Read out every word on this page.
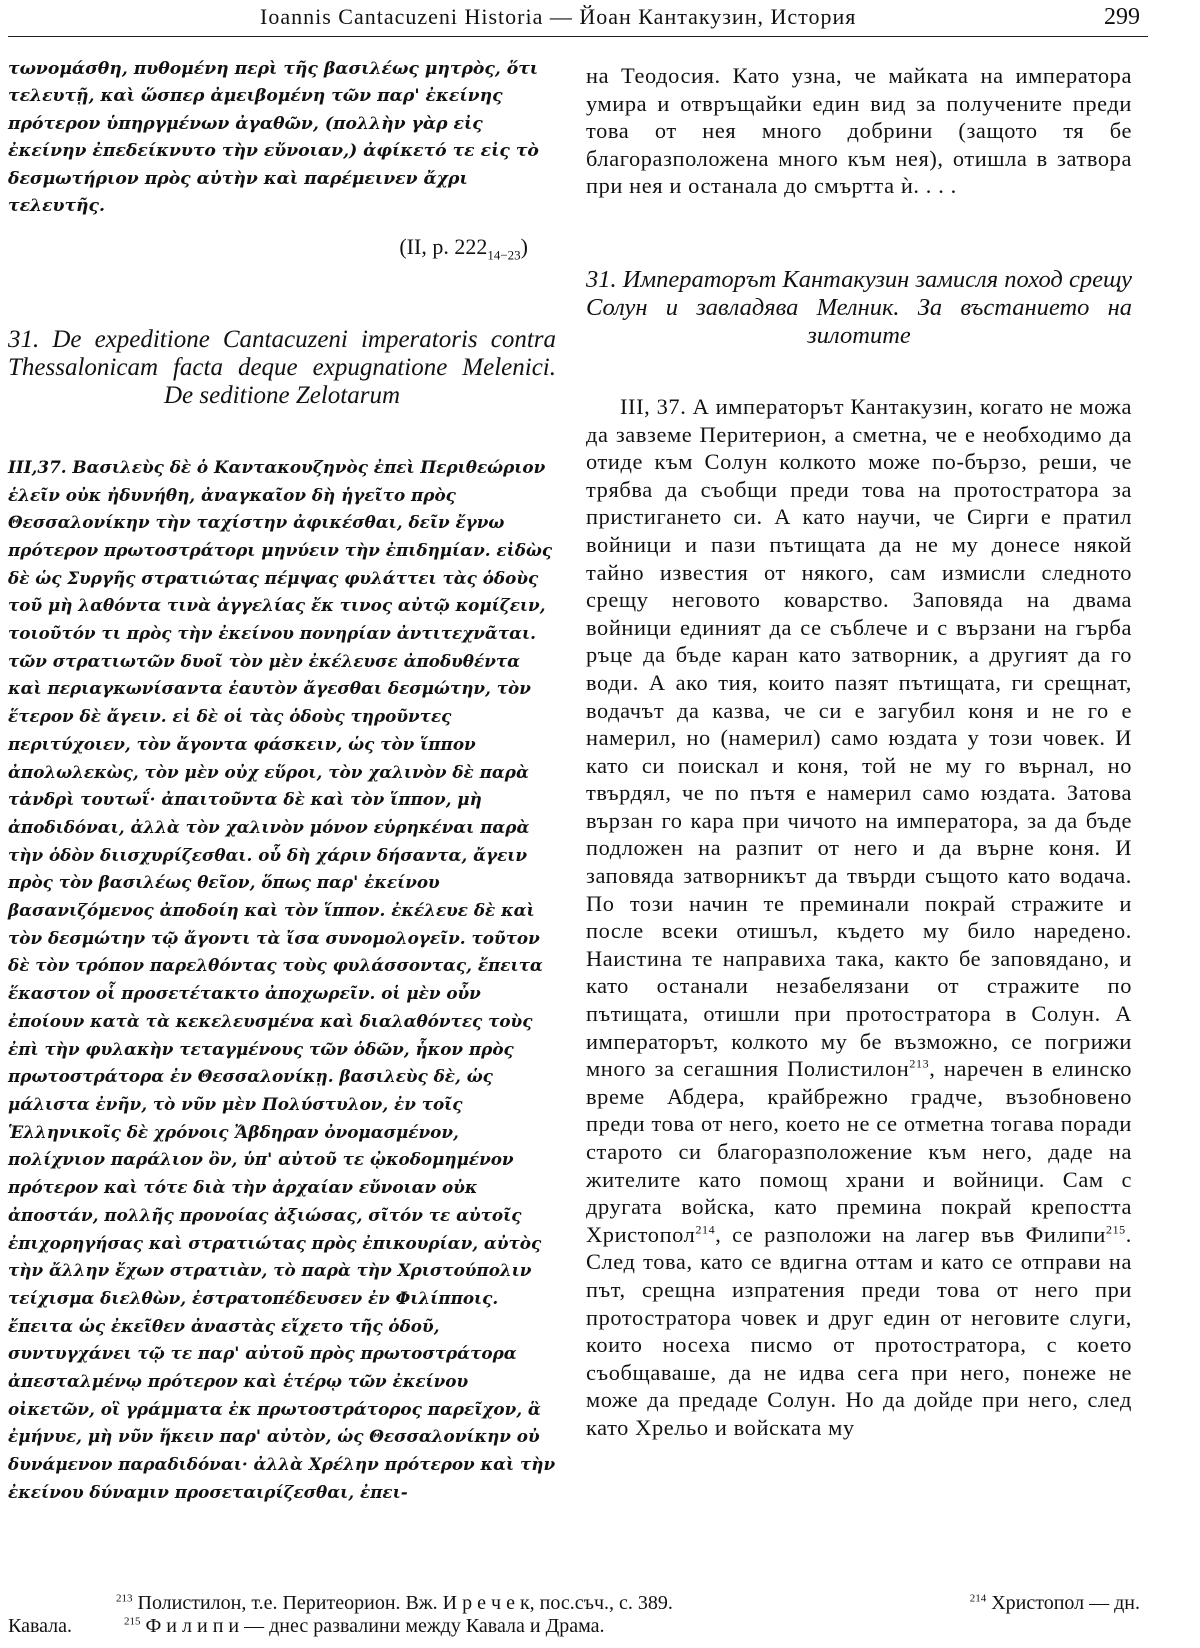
Ioannis Cantacuzeni Historia — Йоан Кантакузин, История	299

τωνομάσθη, πυθομένη περὶ τῆς βασιλέως μητρὸς, ὅτι τελευτῇ, καὶ ὥσπερ ἀμειβομένη τῶν παρ' ἐκείνης πρότερον ὑπηργμένων ἀγαθῶν, (πολλὴν γὰρ εἰς ἐκείνην ἐπεδείκνυτο τὴν εὔνοιαν,) ἀφίκετό τε εἰς τὸ δεσμωτήριον πρὸς αὐτὴν καὶ παρέμεινεν ἄχρι τελευτῆς.

(II, p. $222_{14-23}$)

31. De expeditione Cantacuzeni imperatoris contra Thessalonicam facta deque expugnatione Melenici. De seditione Zelotarum

III,37. Βασιλεὺς δὲ ὁ Καντακουζηνὸς ἐπεὶ Περιθεώριον ἑλεῖν οὐκ ἠδυνήθη, ἀναγκαῖον δὴ ἡγεῖτο πρὸς Θεσσαλονίκην τὴν ταχίστην ἀφικέσθαι, δεῖν ἔγνω πρότερον πρωτοστράτορι μηνύειν τὴν ἐπιδημίαν. εἰδὼς δὲ ὡς Συργῆς στρατιώτας πέμψας φυλάττει τὰς ὁδοὺς τοῦ μὴ λαθόντα τινὰ ἀγγελίας ἔκ τινος αὐτῷ κομίζειν, τοιοῦτόν τι πρὸς τὴν ἐκείνου πονηρίαν ἀντιτεχνᾶται. τῶν στρατιωτῶν δυοῖ τὸν μὲν ἐκέλευσε ἀποδυθέντα καὶ περιαγκωνίσαντα ἑαυτὸν ἄγεσθαι δεσμώτην, τὸν ἕτερον δὲ ἄγειν. εἰ δὲ οἱ τὰς ὁδοὺς τηροῦντες περιτύχοιεν, τὸν ἄγοντα φάσκειν, ὡς τὸν ἵππον ἀπολωλεκὼς, τὸν μὲν οὐχ εὕροι, τὸν χαλινὸν δὲ παρὰ τἀνδρὶ τουτωΐ· ἀπαιτοῦντα δὲ καὶ τὸν ἵππον, μὴ ἀποδιδόναι, ἀλλὰ τὸν χαλινὸν μόνον εὑρηκέναι παρὰ τὴν ὁδὸν διισχυρίζεσθαι. οὗ δὴ χάριν δήσαντα, ἄγειν πρὸς τὸν βασιλέως θεῖον, ὅπως παρ' ἐκείνου βασανιζόμενος ἀποδοίη καὶ τὸν ἵππον. ἐκέλευε δὲ καὶ τὸν δεσμώτην τῷ ἄγοντι τὰ ἴσα συνομολογεῖν. τοῦτον δὲ τὸν τρόπον παρελθόντας τοὺς φυλάσσοντας, ἔπειτα ἕκαστον οἷ προσετέτακτο ἀποχωρεῖν. οἱ μὲν οὖν ἐποίουν κατὰ τὰ κεκελευσμένα καὶ διαλαθόντες τοὺς ἐπὶ τὴν φυλακὴν τεταγμένους τῶν ὁδῶν, ἧκον πρὸς πρωτοστράτορα ἐν Θεσσαλονίκῃ. βασιλεὺς δὲ, ὡς μάλιστα ἐνῆν, τὸ νῦν μὲν Πολύστυλον, ἐν τοῖς Ἑλληνικοῖς δὲ χρόνοις Ἄβδηραν ὀνομασμένον, πολίχνιον παράλιον ὂν, ὑπ' αὐτοῦ τε ᾠκοδομημένον πρότερον καὶ τότε διὰ τὴν ἀρχαίαν εὔνοιαν οὐκ ἀποστάν, πολλῆς προνοίας ἀξιώσας, σῖτόν τε αὐτοῖς ἐπιχορηγήσας καὶ στρατιώτας πρὸς ἐπικουρίαν, αὐτὸς τὴν ἄλλην ἔχων στρατιὰν, τὸ παρὰ τὴν Χριστούπολιν τείχισμα διελθὼν, ἐστρατοπέδευσεν ἐν Φιλίπποις. ἔπειτα ὡς ἐκεῖθεν ἀναστὰς εἴχετο τῆς ὁδοῦ, συντυγχάνει τῷ τε παρ' αὐτοῦ πρὸς πρωτοστράτορα ἀπεσταλμένῳ πρότερον καὶ ἑτέρῳ τῶν ἐκείνου οἰκετῶν, οἳ γράμματα ἐκ πρωτοστράτορος παρεῖχον, ἃ ἐμήνυε, μὴ νῦν ἥκειν παρ' αὐτὸν, ὡς Θεσσαλονίκην οὐ δυνάμενον παραδιδόναι· ἀλλὰ Χρέλην πρότερον καὶ τὴν ἐκείνου δύναμιν προσεταιρίζεσθαι, ἐπει-

на Теодосия. Като узна, че майката на императора умира и отвръщайки един вид за получените преди това от нея много добрини (защото тя бе благоразположена много към нея), отишла в затвора при нея и останала до смъртта ѝ. . . .

31. Императорът Кантакузин замисля поход срещу Солун и завладява Мелник. За въстанието на зилотите

III, 37. А императорът Кантакузин, когато не можа да завземе Перитерион, а сметна, че е необходимо да отиде към Солун колкото може по-бързо, реши, че трябва да съобщи преди това на протостратора за пристигането си. А като научи, че Сирги е пратил войници и пази пътищата да не му донесе някой тайно известия от някого, сам измисли следното срещу неговото коварство. Заповяда на двама войници единият да се съблече и с вързани на гърба ръце да бъде каран като затворник, а другият да го води. А ако тия, които пазят пътищата, ги срещнат, водачът да казва, че си е загубил коня и не го е намерил, но (намерил) само юздата у този човек. И като си поискал и коня, той не му го върнал, но твърдял, че по пътя е намерил само юздата. Затова вързан го кара при чичото на императора, за да бъде подложен на разпит от него и да върне коня. И заповяда затворникът да твърди същото като водача. По този начин те преминали покрай стражите и после всеки отишъл, където му било наредено. Наистина те направиха така, както бе заповядано, и като останали незабелязани от стражите по пътищата, отишли при протостратора в Солун. А императорът, колкото му бе възможно, се погрижи много за сегашния Полистилон$^{213}$, наречен в елинско време Абдера, крайбрежно градче, възобновено преди това от него, което не се отметна тогава поради старото си благоразположение към него, даде на жителите като помощ храни и войници. Сам с другата войска, като премина покрай крепостта Христопол$^{214}$, се разположи на лагер във Филипи$^{215}$. След това, като се вдигна оттам и като се отправи на път, срещна изпратения преди това от него при протостратора човек и друг един от неговите слуги, които носеха писмо от протостратора, с което съобщаваше, да не идва сега при него, понеже не може да предаде Солун. Но да дойде при него, след като Хрельо и войската му

$^{213}$ Полистилон, т.е. Перитеорион. Вж. И р е ч е к, пос.съч., с. 389.	$^{214}$ Христопол — дн.
Кавала.	$^{215}$ Ф и л и п и — днес развалини между Кавала и Драма.
